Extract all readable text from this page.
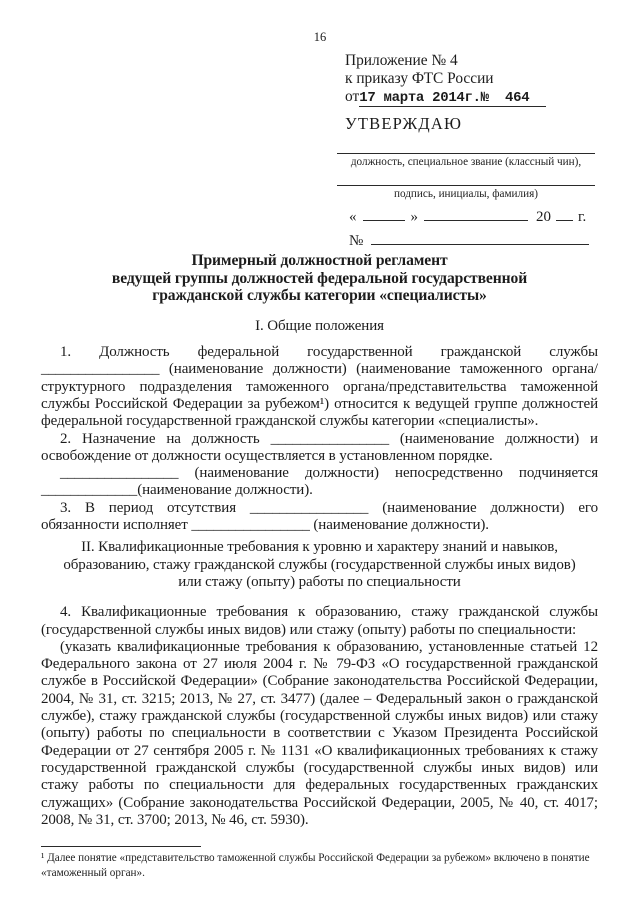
16
Приложение № 4
к приказу ФТС России
от17 марта 2014г.№  464
УТВЕРЖДАЮ
должность, специальное звание (классный чин),
подпись, инициалы, фамилия)
«	»	20 г.
№
Примерный должностной регламент
ведущей группы должностей федеральной государственной
гражданской службы категории «специалисты»
I. Общие положения

1. Должность федеральной государственной гражданской службы ________________ (наименование должности) (наименование таможенного органа/структурного подразделения таможенного органа/представительства таможенной службы Российской Федерации за рубежом¹) относится к ведущей группе должностей федеральной государственной гражданской службы категории «специалисты».

2. Назначение на должность ________________ (наименование должности) и освобождение от должности осуществляется в установленном порядке.

________________ (наименование должности) непосредственно подчиняется _____________(наименование должности).

3. В период отсутствия ________________ (наименование должности) его обязанности исполняет ________________ (наименование должности).

II. Квалификационные требования к уровню и характеру знаний и навыков,
образованию, стажу гражданской службы (государственной службы иных видов)
или стажу (опыту) работы по специальности

4. Квалификационные требования к образованию, стажу гражданской службы (государственной службы иных видов) или стажу (опыту) работы по специальности:

(указать квалификационные требования к образованию, установленные статьей 12 Федерального закона от 27 июля 2004 г. № 79-ФЗ «О государственной гражданской службе в Российской Федерации» (Собрание законодательства Российской Федерации, 2004, № 31, ст. 3215; 2013, № 27, ст. 3477) (далее – Федеральный закон о гражданской службе), стажу гражданской службы (государственной службы иных видов) или стажу (опыту) работы по специальности в соответствии с Указом Президента Российской Федерации от 27 сентября 2005 г. № 1131 «О квалификационных требованиях к стажу государственной гражданской службы (государственной службы иных видов) или стажу работы по специальности для федеральных государственных гражданских служащих» (Собрание законодательства Российской Федерации, 2005, № 40, ст. 4017; 2008, № 31, ст. 3700; 2013, № 46, ст. 5930).

¹ Далее понятие «представительство таможенной службы Российской Федерации за рубежом» включено в понятие «таможенный орган».
